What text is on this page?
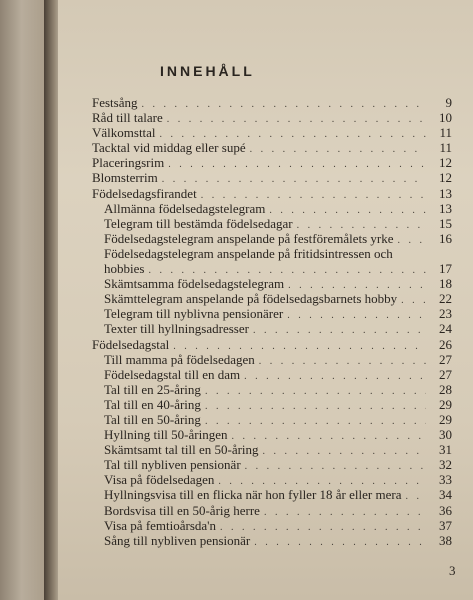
INNEHÅLL
Festsång . . .	9
Råd till talare . . .	10
Välkomsttal . . .	11
Tacktal vid middag eller supé . . .	11
Placeringsrim . . .	12
Blomsterrim . . .	12
Födelsedagsfirandet . . .	13
Allmänna födelsedagstelegram . . .	13
Telegram till bestämda födelsedagar . . .	15
Födelsedagstelegram anspelande på festföremålets yrke . . .	16
Födelsedagstelegram anspelande på fritidsintressen och
hobbies . . .	17
Skämtsamma födelsedagstelegram . . .	18
Skämttelegram anspelande på födelsedagsbarnets hobby . . .	22
Telegram till nyblivna pensionärer . . .	23
Texter till hyllningsadresser . . .	24
Födelsedagstal . . .	26
Till mamma på födelsedagen . . .	27
Födelsedagstal till en dam . . .	27
Tal till en 25-åring . . .	28
Tal till en 40-åring . . .	29
Tal till en 50-åring . . .	29
Hyllning till 50-åringen . . .	30
Skämtsamt tal till en 50-åring . . .	31
Tal till nybliven pensionär . . .	32
Visa på födelsedagen . . .	33
Hyllningsvisa till en flicka när hon fyller 18 år eller mera . . .	34
Bordsvisa till en 50-årig herre . . .	36
Visa på femtioårsda'n . . .	37
Sång till nybliven pensionär . . .	38
3
